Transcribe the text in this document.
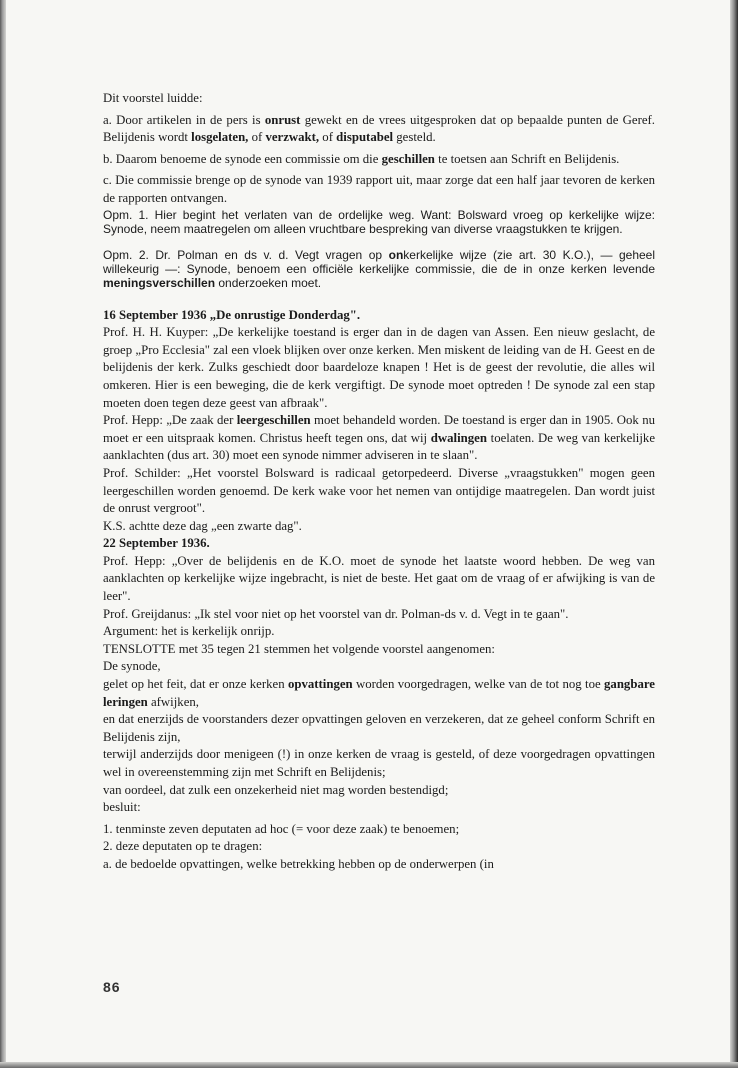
Dit voorstel luidde:

a. Door artikelen in de pers is onrust gewekt en de vrees uitgesproken dat op bepaalde punten de Geref. Belijdenis wordt losgelaten, of verzwakt, of disputabel gesteld.

b. Daarom benoeme de synode een commissie om die geschillen te toetsen aan Schrift en Belijdenis.

c. Die commissie brenge op de synode van 1939 rapport uit, maar zorge dat een half jaar tevoren de kerken de rapporten ontvangen.

Opm. 1. Hier begint het verlaten van de ordelijke weg. Want: Bolsward vroeg op kerkelijke wijze: Synode, neem maatregelen om alleen vruchtbare bespreking van diverse vraagstukken te krijgen.

Opm. 2. Dr. Polman en ds v. d. Vegt vragen op onkerkelijke wijze (zie art. 30 K.O.), — geheel willekeurig —: Synode, benoem een officiële kerkelijke commissie, die de in onze kerken levende meningsverschillen onderzoeken moet.

16 September 1936 „De onrustige Donderdag".

Prof. H. H. Kuyper: „De kerkelijke toestand is erger dan in de dagen van Assen. Een nieuw geslacht, de groep „Pro Ecclesia" zal een vloek blijken over onze kerken. Men miskent de leiding van de H. Geest en de belijdenis der kerk. Zulks geschiedt door baardeloze knapen ! Het is de geest der revolutie, die alles wil omkeren. Hier is een beweging, die de kerk vergiftigt. De synode moet optreden ! De synode zal een stap moeten doen tegen deze geest van afbraak".

Prof. Hepp: „De zaak der leergeschillen moet behandeld worden. De toestand is erger dan in 1905. Ook nu moet er een uitspraak komen. Christus heeft tegen ons, dat wij dwalingen toelaten. De weg van kerkelijke aanklachten (dus art. 30) moet een synode nimmer adviseren in te slaan".

Prof. Schilder: „Het voorstel Bolsward is radicaal getorpedeerd. Diverse „vraagstukken" mogen geen leergeschillen worden genoemd. De kerk wake voor het nemen van ontijdige maatregelen. Dan wordt juist de onrust vergroot".

K.S. achtte deze dag „een zwarte dag".

22 September 1936.

Prof. Hepp: „Over de belijdenis en de K.O. moet de synode het laatste woord hebben. De weg van aanklachten op kerkelijke wijze ingebracht, is niet de beste. Het gaat om de vraag of er afwijking is van de leer".

Prof. Greijdanus: „Ik stel voor niet op het voorstel van dr. Polman-ds v. d. Vegt in te gaan".

Argument: het is kerkelijk onrijp.

TENSLOTTE met 35 tegen 21 stemmen het volgende voorstel aangenomen:

De synode,

gelet op het feit, dat er onze kerken opvattingen worden voorgedragen, welke van de tot nog toe gangbare leringen afwijken,

en dat enerzijds de voorstanders dezer opvattingen geloven en verzekeren, dat ze geheel conform Schrift en Belijdenis zijn,

terwijl anderzijds door menigeen (!) in onze kerken de vraag is gesteld, of deze voorgedragen opvattingen wel in overeenstemming zijn met Schrift en Belijdenis;

van oordeel, dat zulk een onzekerheid niet mag worden bestendigd;

besluit:

1. tenminste zeven deputaten ad hoc (= voor deze zaak) te benoemen;

2. deze deputaten op te dragen:

a. de bedoelde opvattingen, welke betrekking hebben op de onderwerpen (in

86
